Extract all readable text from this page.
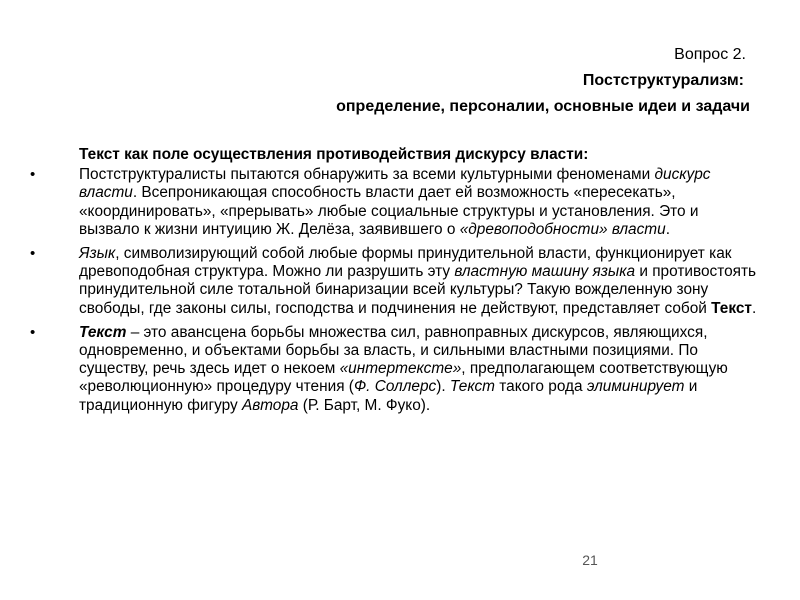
Вопрос 2.
Постструктурализм:
определение, персоналии, основные идеи и задачи
Текст как поле осуществления противодействия дискурсу власти:
•	Постструктуралисты пытаются обнаружить за всеми культурными феноменами дискурс власти. Всепроникающая способность власти дает ей возможность «пересекать», «координировать», «прерывать» любые социальные структуры и установления. Это и вызвало к жизни интуицию Ж. Делёза, заявившего о «древоподобности» власти.
•	Язык, символизирующий собой любые формы принудительной власти, функционирует как древоподобная структура. Можно ли разрушить эту властную машину языка и противостоять принудительной силе тотальной бинаризации всей культуры? Такую вожделенную зону свободы, где законы силы, господства и подчинения не действуют, представляет собой Текст.
•	Текст – это авансцена борьбы множества сил, равноправных дискурсов, являющихся, одновременно, и объектами борьбы за власть, и сильными властными позициями. По существу, речь здесь идет о некоем «интертексте», предполагающем соответствующую «революционную» процедуру чтения (Ф. Соллерс). Текст такого рода элиминирует и традиционную фигуру Автора (Р. Барт, М. Фуко).
21
